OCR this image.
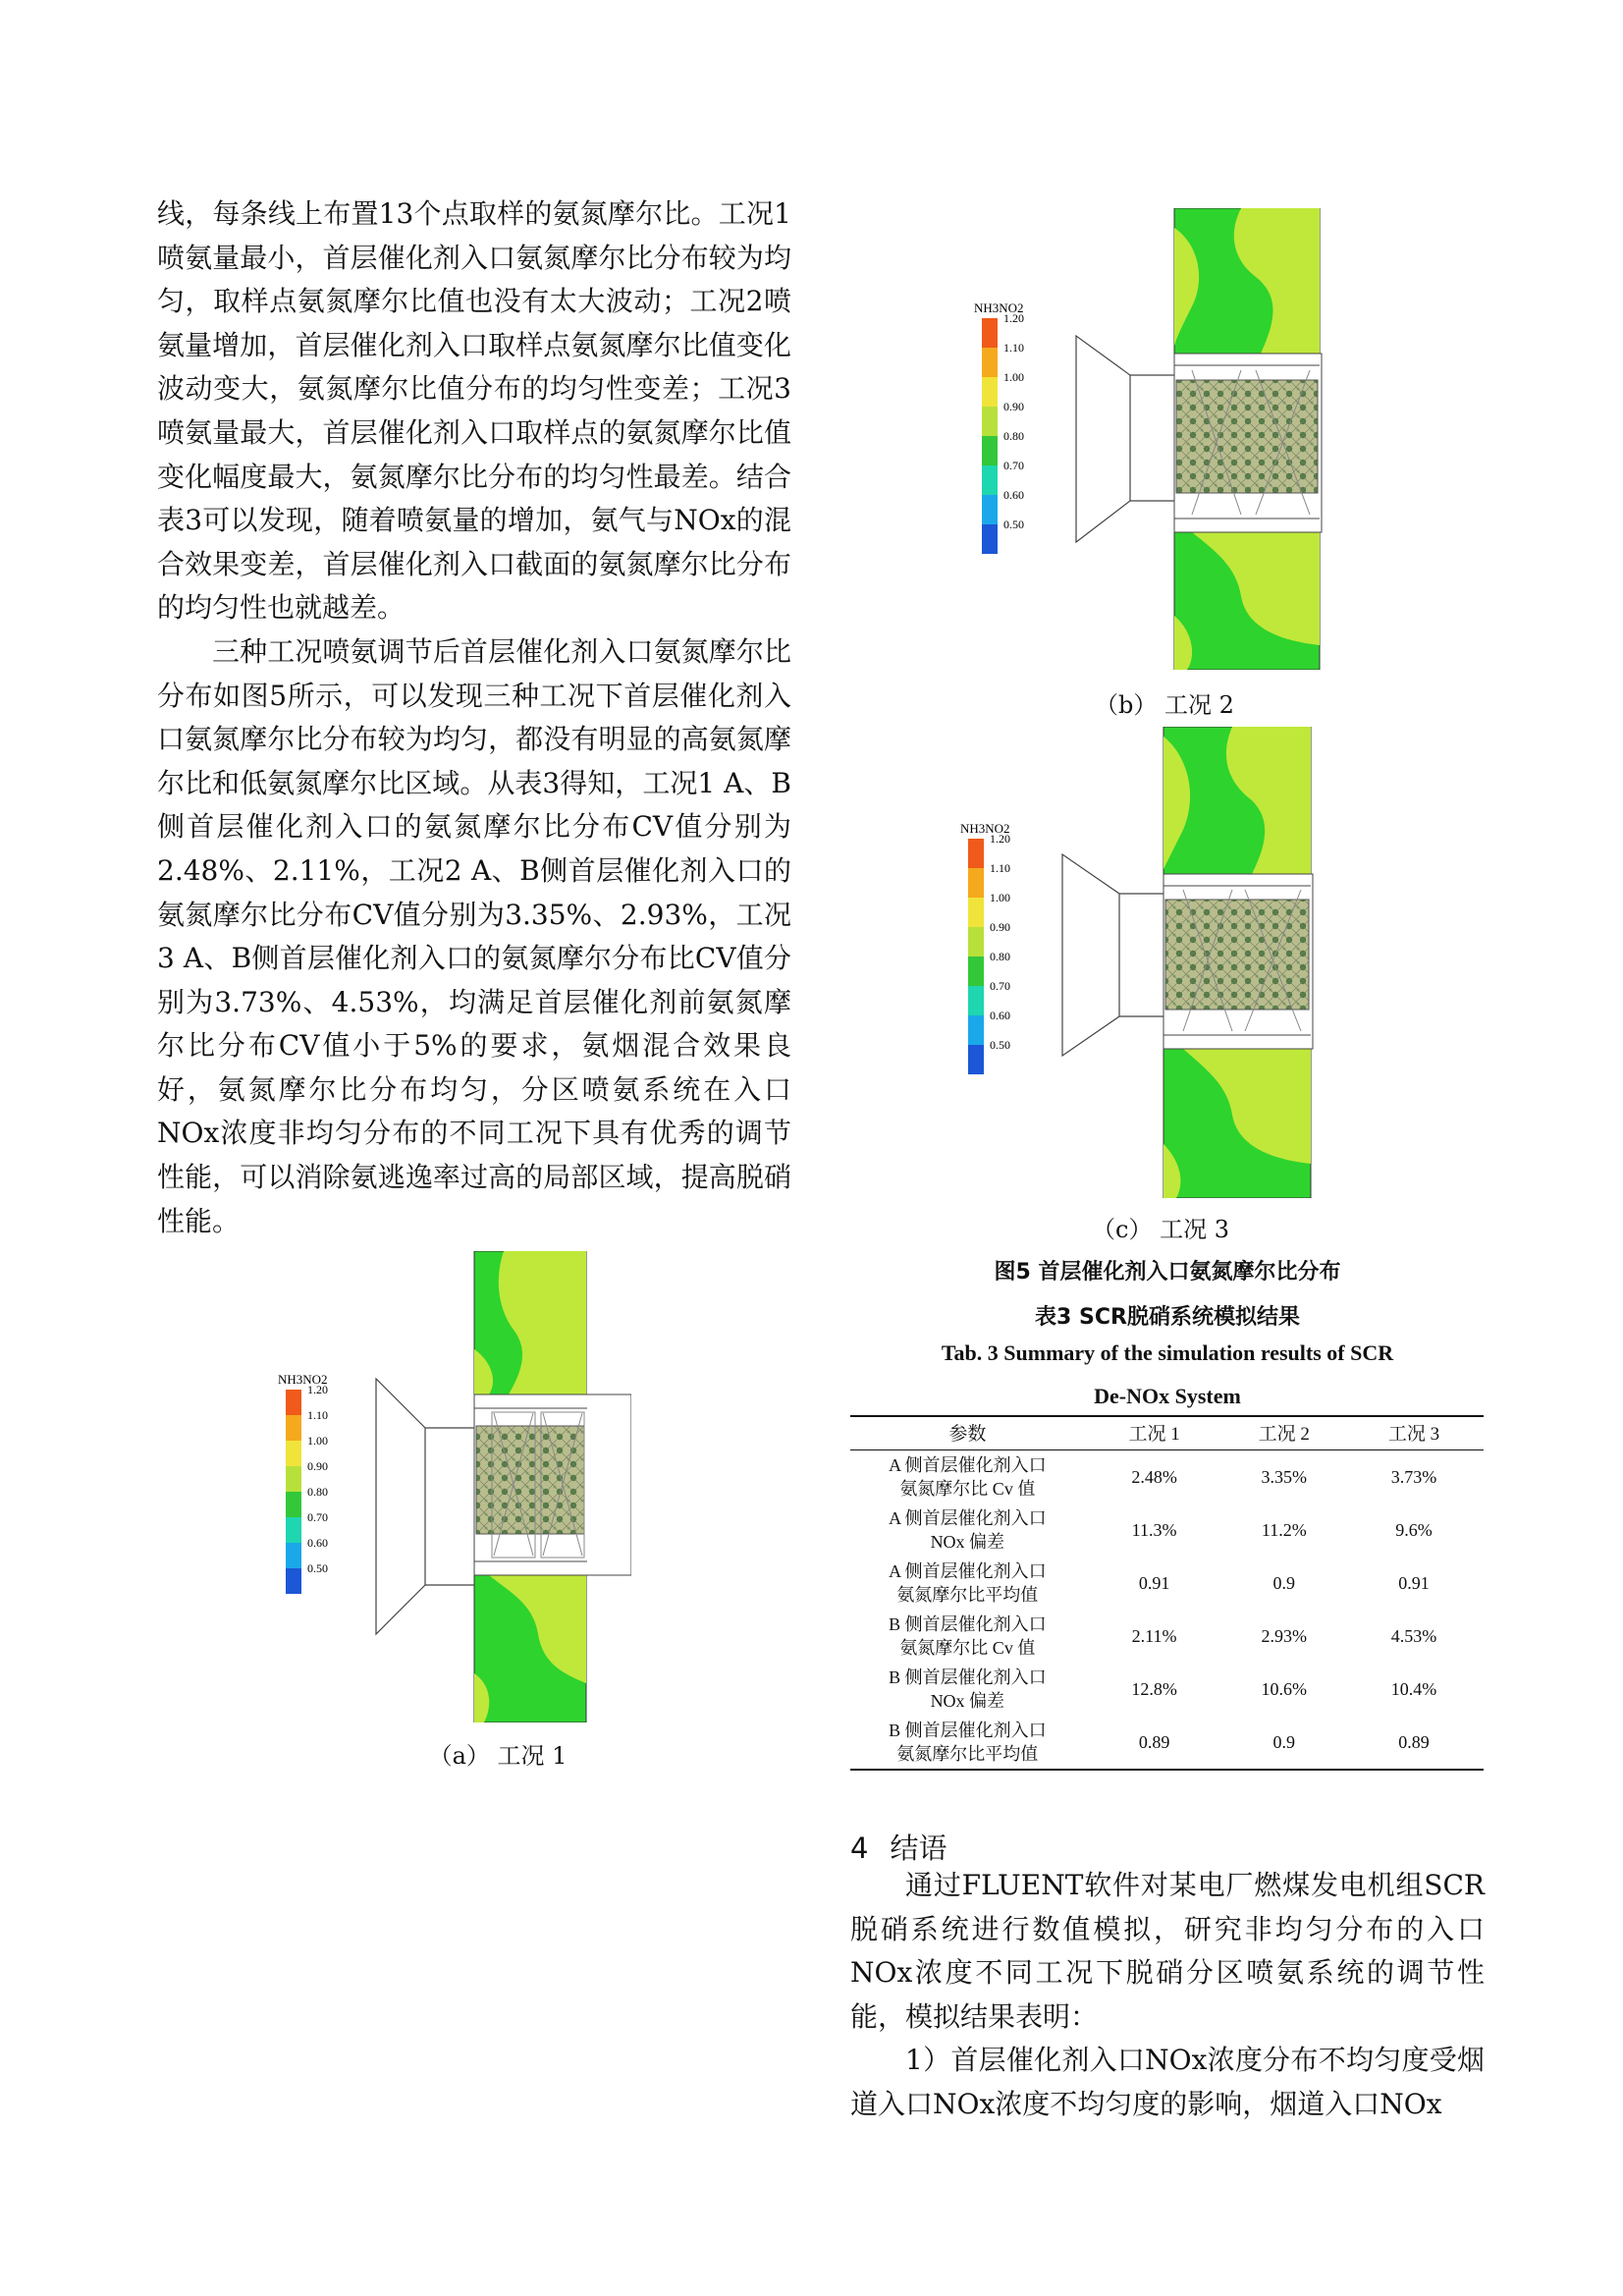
线，每条线上布置13个点取样的氨氮摩尔比。工况1喷氨量最小，首层催化剂入口氨氮摩尔比分布较为均匀，取样点氨氮摩尔比值也没有太大波动；工况2喷氨量增加，首层催化剂入口取样点氨氮摩尔比值变化波动变大，氨氮摩尔比值分布的均匀性变差；工况3喷氨量最大，首层催化剂入口取样点的氨氮摩尔比值变化幅度最大，氨氮摩尔比分布的均匀性最差。结合表3可以发现，随着喷氨量的增加，氨气与NOx的混合效果变差，首层催化剂入口截面的氨氮摩尔比分布的均匀性也就越差。

三种工况喷氨调节后首层催化剂入口氨氮摩尔比分布如图5所示，可以发现三种工况下首层催化剂入口氨氮摩尔比分布较为均匀，都没有明显的高氨氮摩尔比和低氨氮摩尔比区域。从表3得知，工况1 A、B侧首层催化剂入口的氨氮摩尔比分布CV值分别为2.48%、2.11%，工况2 A、B侧首层催化剂入口的氨氮摩尔比分布CV值分别为3.35%、2.93%，工况3 A、B侧首层催化剂入口的氨氮摩尔分布比CV值分别为3.73%、4.53%，均满足首层催化剂前氨氮摩尔比分布CV值小于5%的要求，氨烟混合效果良好，氨氮摩尔比分布均匀，分区喷氨系统在入口NOx浓度非均匀分布的不同工况下具有优秀的调节性能，可以消除氨逃逸率过高的局部区域，提高脱硝性能。

NH3NO2
1.20
1.10
1.00
0.90
0.80
0.70
0.60
0.50
（a） 工况 1
NH3NO2
1.20
1.10
1.00
0.90
0.80
0.70
0.60
0.50
（b） 工况 2
NH3NO2
1.20
1.10
1.00
0.90
0.80
0.70
0.60
0.50
（c） 工况 3
图5 首层催化剂入口氨氮摩尔比分布
表3 SCR脱硝系统模拟结果
Tab. 3 Summary of the simulation results of SCR
De-NOx System
参数	工况 1	工况 2	工况 3

A 侧首层催化剂入口
氨氮摩尔比 Cv 值	2.48%	3.35%	3.73%

A 侧首层催化剂入口
NOx 偏差	11.3%	11.2%	9.6%

A 侧首层催化剂入口
氨氮摩尔比平均值	0.91	0.9	0.91

B 侧首层催化剂入口
氨氮摩尔比 Cv 值	2.11%	2.93%	4.53%

B 侧首层催化剂入口
NOx 偏差	12.8%	10.6%	10.4%

B 侧首层催化剂入口
氨氮摩尔比平均值	0.89	0.9	0.89
4 结语

通过FLUENT软件对某电厂燃煤发电机组SCR脱硝系统进行数值模拟，研究非均匀分布的入口NOx浓度不同工况下脱硝分区喷氨系统的调节性能，模拟结果表明：

1）首层催化剂入口NOx浓度分布不均匀度受烟道入口NOx浓度不均匀度的影响，烟道入口NOx
